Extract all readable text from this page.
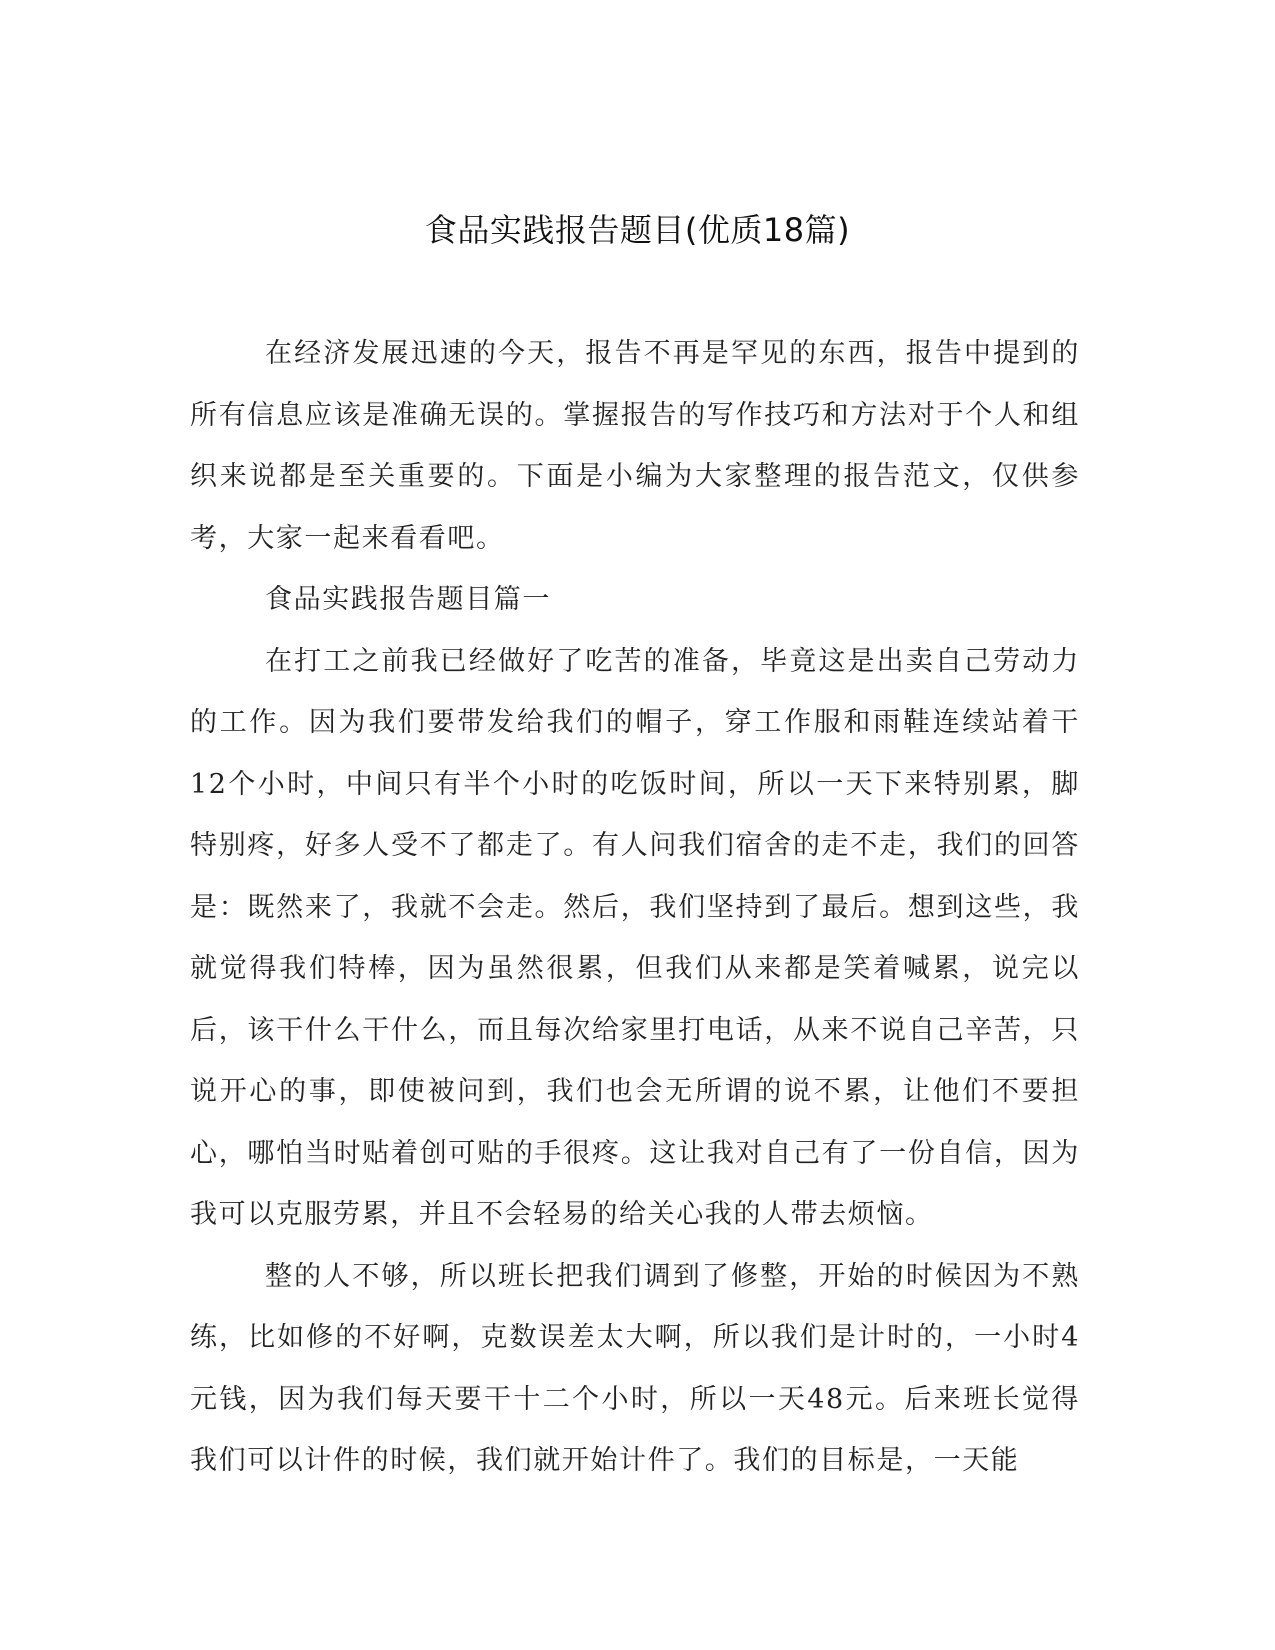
食品实践报告题目(优质18篇)

在经济发展迅速的今天，报告不再是罕见的东西，报告中提到的所有信息应该是准确无误的。掌握报告的写作技巧和方法对于个人和组织来说都是至关重要的。下面是小编为大家整理的报告范文，仅供参考，大家一起来看看吧。

食品实践报告题目篇一

在打工之前我已经做好了吃苦的准备，毕竟这是出卖自己劳动力的工作。因为我们要带发给我们的帽子，穿工作服和雨鞋连续站着干12个小时，中间只有半个小时的吃饭时间，所以一天下来特别累，脚特别疼，好多人受不了都走了。有人问我们宿舍的走不走，我们的回答是：既然来了，我就不会走。然后，我们坚持到了最后。想到这些，我就觉得我们特棒，因为虽然很累，但我们从来都是笑着喊累，说完以后，该干什么干什么，而且每次给家里打电话，从来不说自己辛苦，只说开心的事，即使被问到，我们也会无所谓的说不累，让他们不要担心，哪怕当时贴着创可贴的手很疼。这让我对自己有了一份自信，因为我可以克服劳累，并且不会轻易的给关心我的人带去烦恼。

整的人不够，所以班长把我们调到了修整，开始的时候因为不熟练，比如修的不好啊，克数误差太大啊，所以我们是计时的，一小时4元钱，因为我们每天要干十二个小时，所以一天48元。后来班长觉得我们可以计件的时候，我们就开始计件了。我们的目标是，一天能
